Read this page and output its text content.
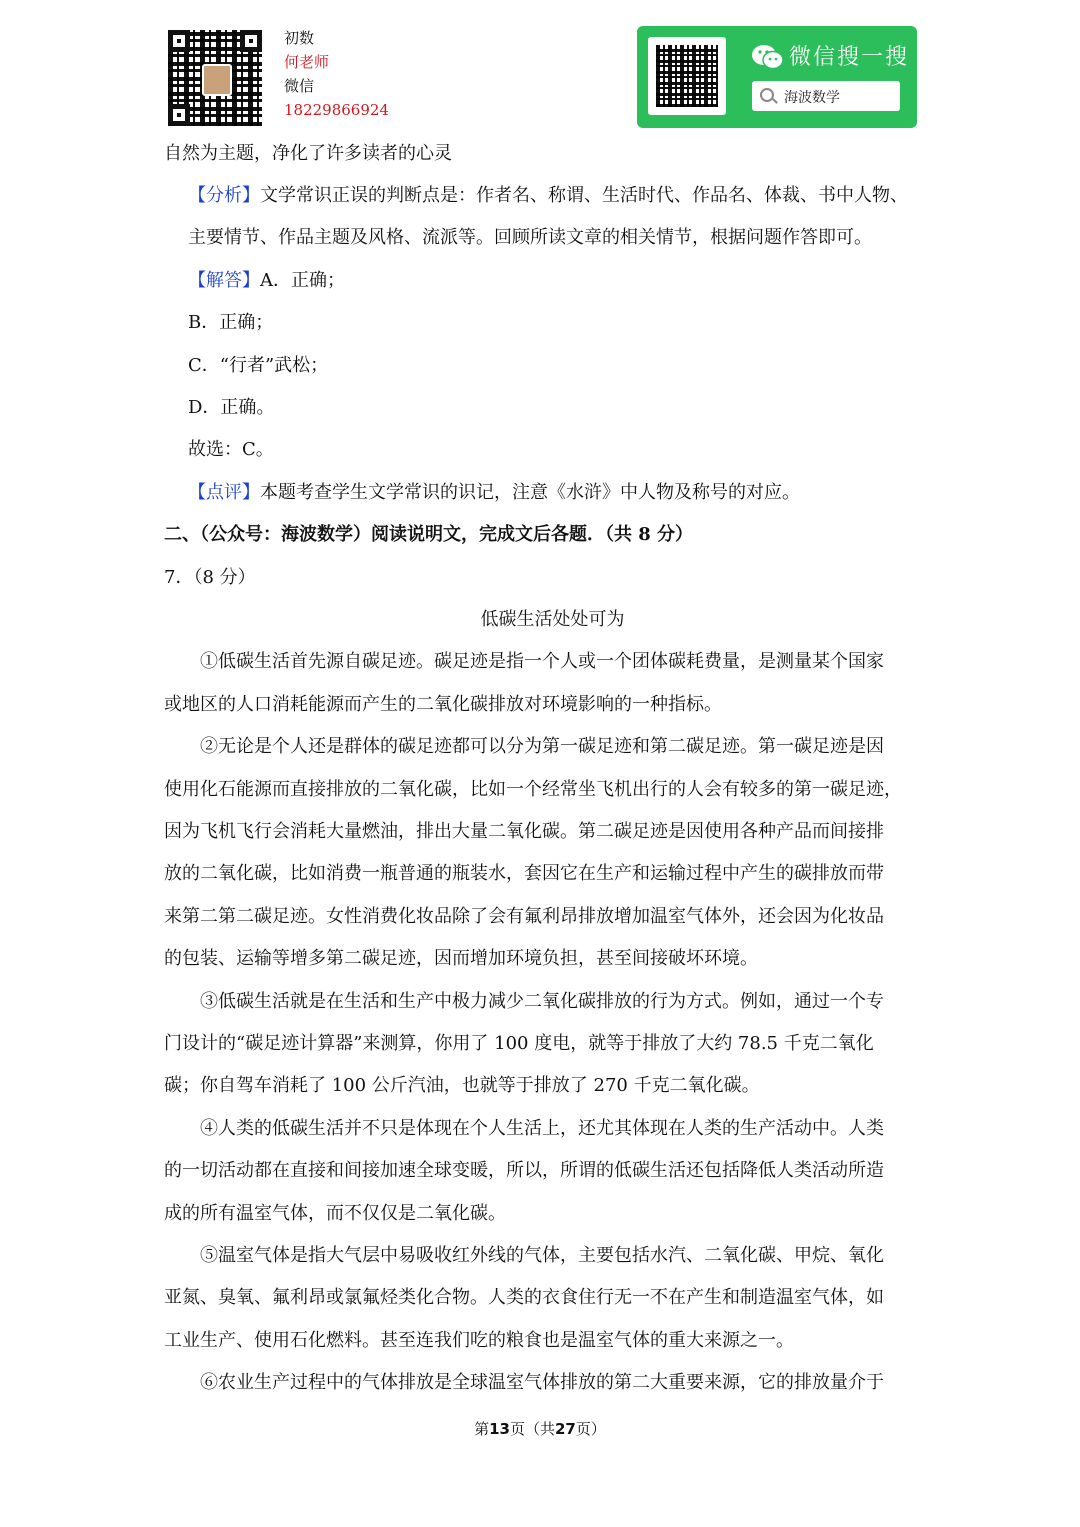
初数
何老师
微信
18229866924
微信搜一搜
海波数学
自然为主题，净化了许多读者的心灵
【分析】文学常识正误的判断点是：作者名、称谓、生活时代、作品名、体裁、书中人物、
主要情节、作品主题及风格、流派等。回顾所读文章的相关情节，根据问题作答即可。
【解答】A．正确；
B．正确；
C．“行者”武松；
D．正确。
故选：C。
【点评】本题考查学生文学常识的识记，注意《水浒》中人物及称号的对应。
二、（公众号：海波数学）阅读说明文，完成文后各题．（共 8 分）
7．（8 分）
低碳生活处处可为
①低碳生活首先源自碳足迹。碳足迹是指一个人或一个团体碳耗费量，是测量某个国家
或地区的人口消耗能源而产生的二氧化碳排放对环境影响的一种指标。
②无论是个人还是群体的碳足迹都可以分为第一碳足迹和第二碳足迹。第一碳足迹是因
使用化石能源而直接排放的二氧化碳，比如一个经常坐飞机出行的人会有较多的第一碳足迹，
因为飞机飞行会消耗大量燃油，排出大量二氧化碳。第二碳足迹是因使用各种产品而间接排
放的二氧化碳，比如消费一瓶普通的瓶装水，套因它在生产和运输过程中产生的碳排放而带
来第二第二碳足迹。女性消费化妆品除了会有氟利昂排放增加温室气体外，还会因为化妆品
的包装、运输等增多第二碳足迹，因而增加环境负担，甚至间接破坏环境。
③低碳生活就是在生活和生产中极力减少二氧化碳排放的行为方式。例如，通过一个专
门设计的“碳足迹计算器”来测算，你用了 100 度电，就等于排放了大约 78.5 千克二氧化
碳；你自驾车消耗了 100 公斤汽油，也就等于排放了 270 千克二氧化碳。
④人类的低碳生活并不只是体现在个人生活上，还尤其体现在人类的生产活动中。人类
的一切活动都在直接和间接加速全球变暖，所以，所谓的低碳生活还包括降低人类活动所造
成的所有温室气体，而不仅仅是二氧化碳。
⑤温室气体是指大气层中易吸收红外线的气体，主要包括水汽、二氧化碳、甲烷、氧化
亚氮、臭氧、氟利昂或氯氟烃类化合物。人类的衣食住行无一不在产生和制造温室气体，如
工业生产、使用石化燃料。甚至连我们吃的粮食也是温室气体的重大来源之一。
⑥农业生产过程中的气体排放是全球温室气体排放的第二大重要来源，它的排放量介于
第13页（共27页）
